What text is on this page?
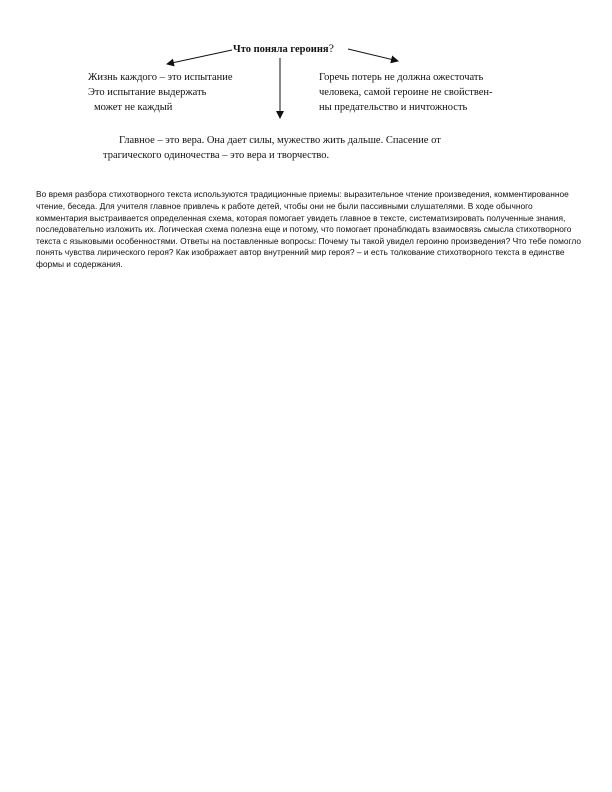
Что поняла героиня?
Жизнь каждого – это испытание
Это испытание выдержать
может не каждый
Горечь потерь не должна ожесточать
человека, самой героине не свойствен-
ны предательство и ничтожность
Главное – это вера. Она дает силы, мужество жить дальше. Спасение от
трагического одиночества – это вера и творчество.

Во время разбора стихотворного текста используются традиционные приемы: выразительное чтение произведения, комментированное чтение, беседа. Для учителя главное привлечь к работе детей, чтобы они не были пассивными слушателями. В ходе обычного комментария выстраивается определенная схема, которая помогает увидеть главное в тексте, систематизировать полученные знания, последовательно изложить их. Логическая схема полезна еще и потому, что помогает пронаблюдать взаимосвязь смысла стихотворного текста с языковыми особенностями. Ответы на поставленные вопросы: Почему ты такой увидел героиню произведения? Что тебе помогло понять чувства лирического героя? Как изображает автор внутренний мир героя? – и есть толкование стихотворного текста в единстве формы и содержания.
